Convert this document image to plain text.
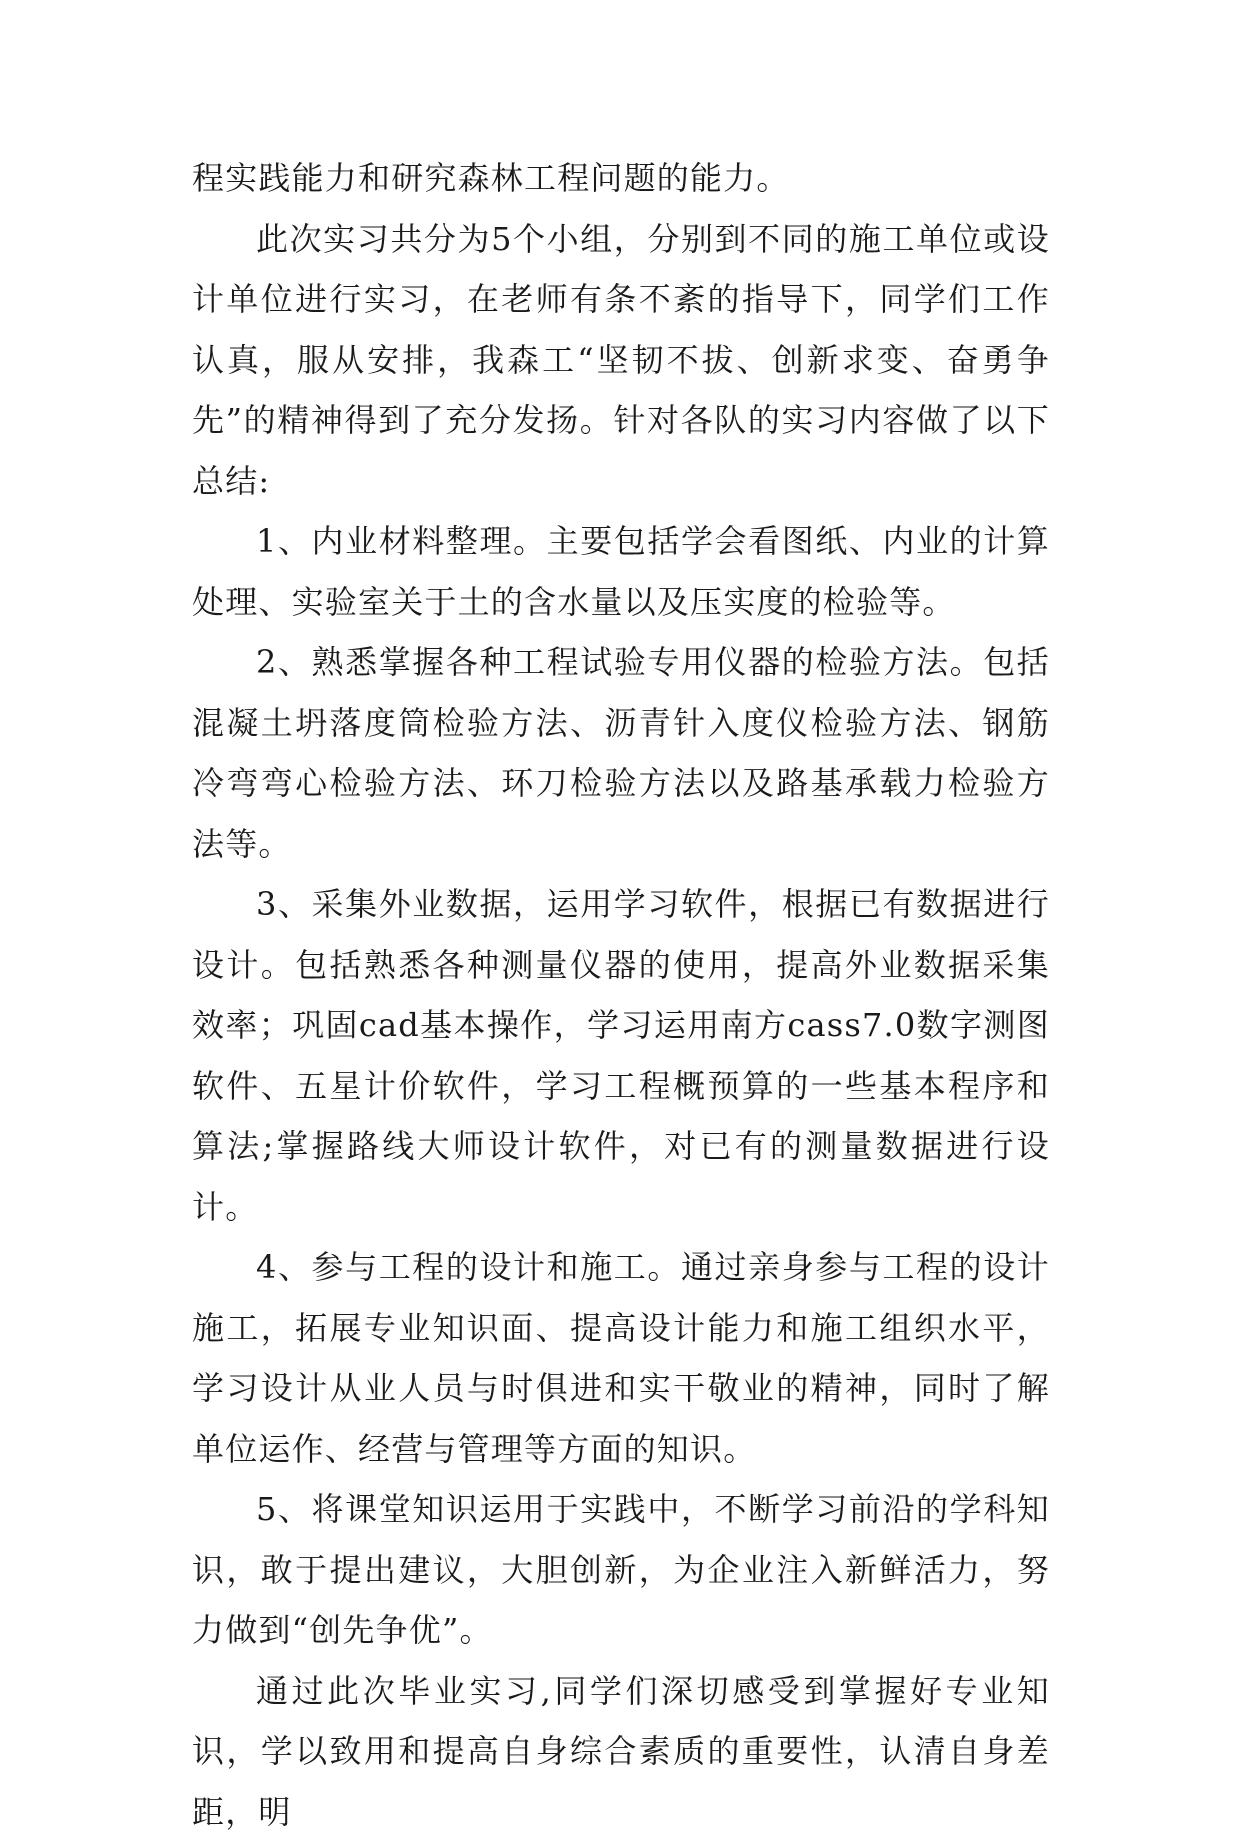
程实践能力和研究森林工程问题的能力。

此次实习共分为5个小组，分别到不同的施工单位或设计单位进行实习，在老师有条不紊的指导下，同学们工作认真，服从安排，我森工“坚韧不拔、创新求变、奋勇争先”的精神得到了充分发扬。针对各队的实习内容做了以下总结:

1、内业材料整理。主要包括学会看图纸、内业的计算处理、实验室关于土的含水量以及压实度的检验等。

2、熟悉掌握各种工程试验专用仪器的检验方法。包括混凝土坍落度筒检验方法、沥青针入度仪检验方法、钢筋冷弯弯心检验方法、环刀检验方法以及路基承载力检验方法等。

3、采集外业数据，运用学习软件，根据已有数据进行设计。包括熟悉各种测量仪器的使用，提高外业数据采集效率；巩固cad基本操作，学习运用南方cass7.0数字测图软件、五星计价软件，学习工程概预算的一些基本程序和算法;掌握路线大师设计软件，对已有的测量数据进行设计。

4、参与工程的设计和施工。通过亲身参与工程的设计施工，拓展专业知识面、提高设计能力和施工组织水平，学习设计从业人员与时俱进和实干敬业的精神，同时了解单位运作、经营与管理等方面的知识。

5、将课堂知识运用于实践中，不断学习前沿的学科知识，敢于提出建议，大胆创新，为企业注入新鲜活力，努力做到“创先争优”。

通过此次毕业实习,同学们深切感受到掌握好专业知识，学以致用和提高自身综合素质的重要性，认清自身差距，明
